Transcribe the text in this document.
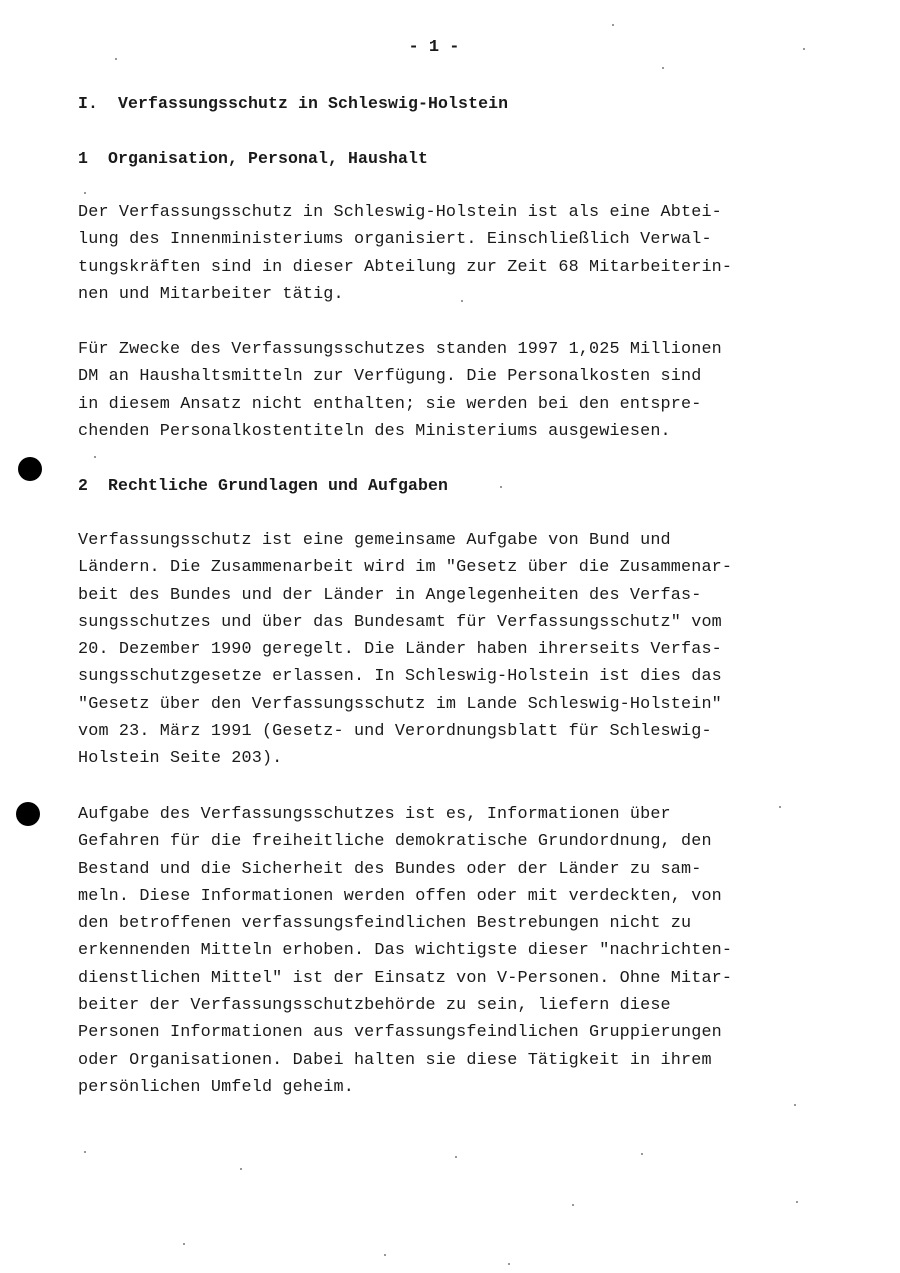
- 1 -
I.  Verfassungsschutz in Schleswig-Holstein
1  Organisation, Personal, Haushalt
Der Verfassungsschutz in Schleswig-Holstein ist als eine Abtei-
lung des Innenministeriums organisiert. Einschließlich Verwal-
tungskräften sind in dieser Abteilung zur Zeit 68 Mitarbeiterin-
nen und Mitarbeiter tätig.
Für Zwecke des Verfassungsschutzes standen 1997 1,025 Millionen
DM an Haushaltsmitteln zur Verfügung. Die Personalkosten sind
in diesem Ansatz nicht enthalten; sie werden bei den entspre-
chenden Personalkostentiteln des Ministeriums ausgewiesen.
2  Rechtliche Grundlagen und Aufgaben
Verfassungsschutz ist eine gemeinsame Aufgabe von Bund und
Ländern. Die Zusammenarbeit wird im "Gesetz über die Zusammenar-
beit des Bundes und der Länder in Angelegenheiten des Verfas-
sungsschutzes und über das Bundesamt für Verfassungsschutz" vom
20. Dezember 1990 geregelt. Die Länder haben ihrerseits Verfas-
sungsschutzgesetze erlassen. In Schleswig-Holstein ist dies das
"Gesetz über den Verfassungsschutz im Lande Schleswig-Holstein"
vom 23. März 1991 (Gesetz- und Verordnungsblatt für Schleswig-
Holstein Seite 203).
Aufgabe des Verfassungsschutzes ist es, Informationen über
Gefahren für die freiheitliche demokratische Grundordnung, den
Bestand und die Sicherheit des Bundes oder der Länder zu sam-
meln. Diese Informationen werden offen oder mit verdeckten, von
den betroffenen verfassungsfeindlichen Bestrebungen nicht zu
erkennenden Mitteln erhoben. Das wichtigste dieser "nachrichten-
dienstlichen Mittel" ist der Einsatz von V-Personen. Ohne Mitar-
beiter der Verfassungsschutzbehörde zu sein, liefern diese
Personen Informationen aus verfassungsfeindlichen Gruppierungen
oder Organisationen. Dabei halten sie diese Tätigkeit in ihrem
persönlichen Umfeld geheim.
